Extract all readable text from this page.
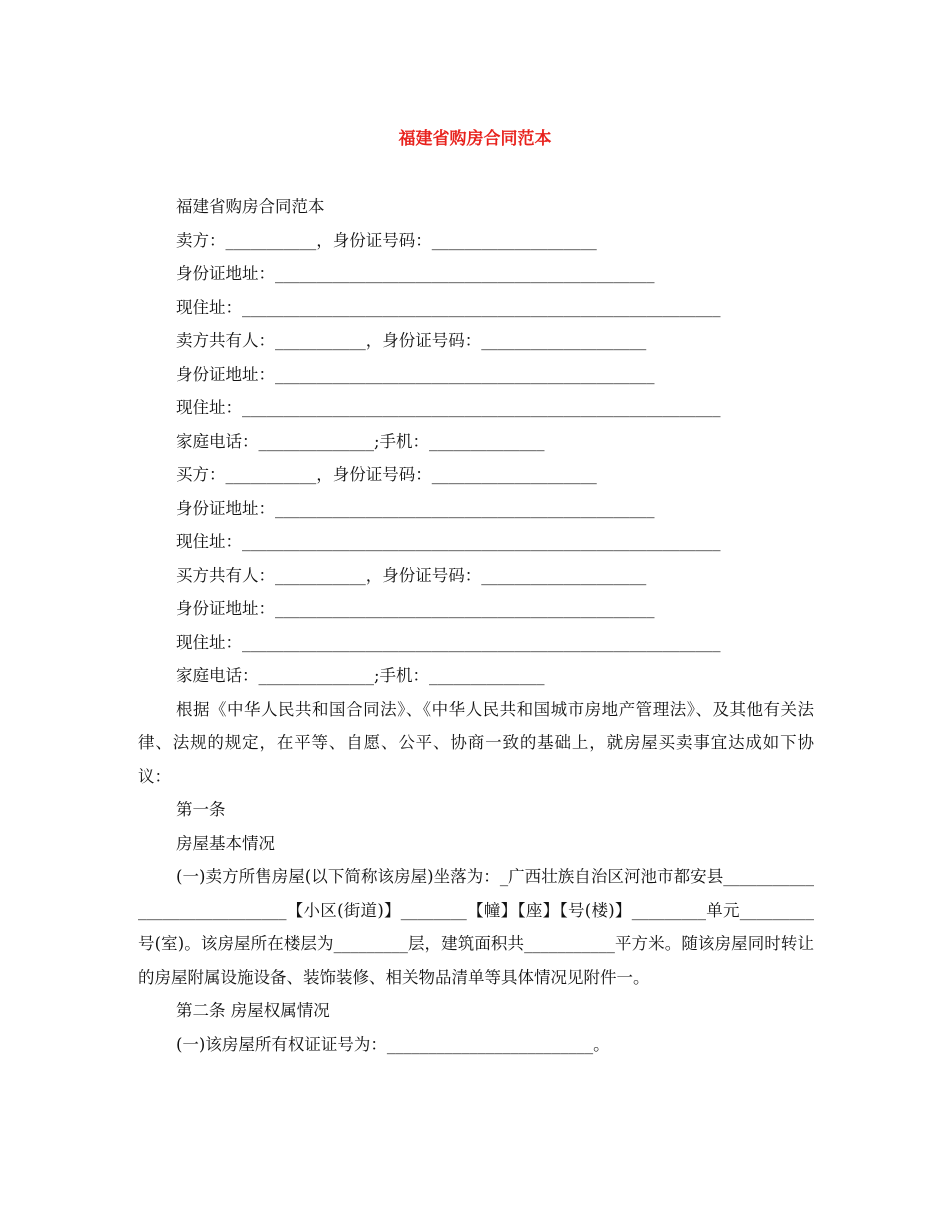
福建省购房合同范本

福建省购房合同范本

卖方：___________，身份证号码：____________________

身份证地址：______________________________________________

现住址：__________________________________________________________

卖方共有人：___________，身份证号码：____________________

身份证地址：______________________________________________

现住址：__________________________________________________________

家庭电话：______________;手机：______________

买方：___________，身份证号码：____________________

身份证地址：______________________________________________

现住址：__________________________________________________________

买方共有人：___________，身份证号码：____________________

身份证地址：______________________________________________

现住址：__________________________________________________________

家庭电话：______________;手机：______________

根据《中华人民共和国合同法》、《中华人民共和国城市房地产管理法》、及其他有关法律、法规的规定，在平等、自愿、公平、协商一致的基础上，就房屋买卖事宜达成如下协议：

第一条

房屋基本情况

(一)卖方所售房屋(以下简称该房屋)坐落为：_广西壮族自治区河池市都安县_____________________________【小区(街道)】________【幢】【座】【号(楼)】_________单元_________号(室)。该房屋所在楼层为_________层，建筑面积共___________平方米。随该房屋同时转让的房屋附属设施设备、装饰装修、相关物品清单等具体情况见附件一。

第二条 房屋权属情况

(一)该房屋所有权证证号为：_________________________。
